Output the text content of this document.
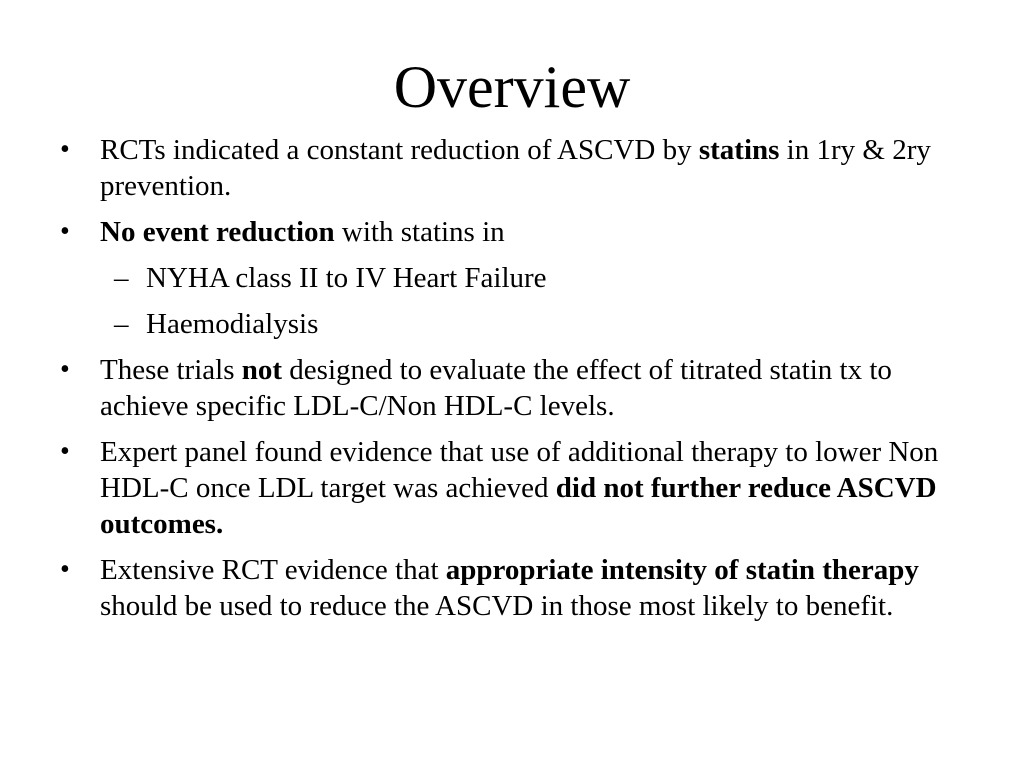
Overview
•	RCTs indicated a constant reduction of ASCVD by statins in 1ry & 2ry prevention.
•	No event reduction with statins in
– NYHA class II to IV Heart Failure
– Haemodialysis
•	These trials not designed to evaluate the effect of titrated statin tx to achieve specific LDL-C/Non HDL-C levels.
•	Expert panel found evidence that use of additional therapy to lower Non HDL-C once LDL target was achieved did not further reduce ASCVD outcomes.
•	Extensive RCT evidence that appropriate intensity of statin therapy should be used to reduce the ASCVD in those most likely to benefit.
